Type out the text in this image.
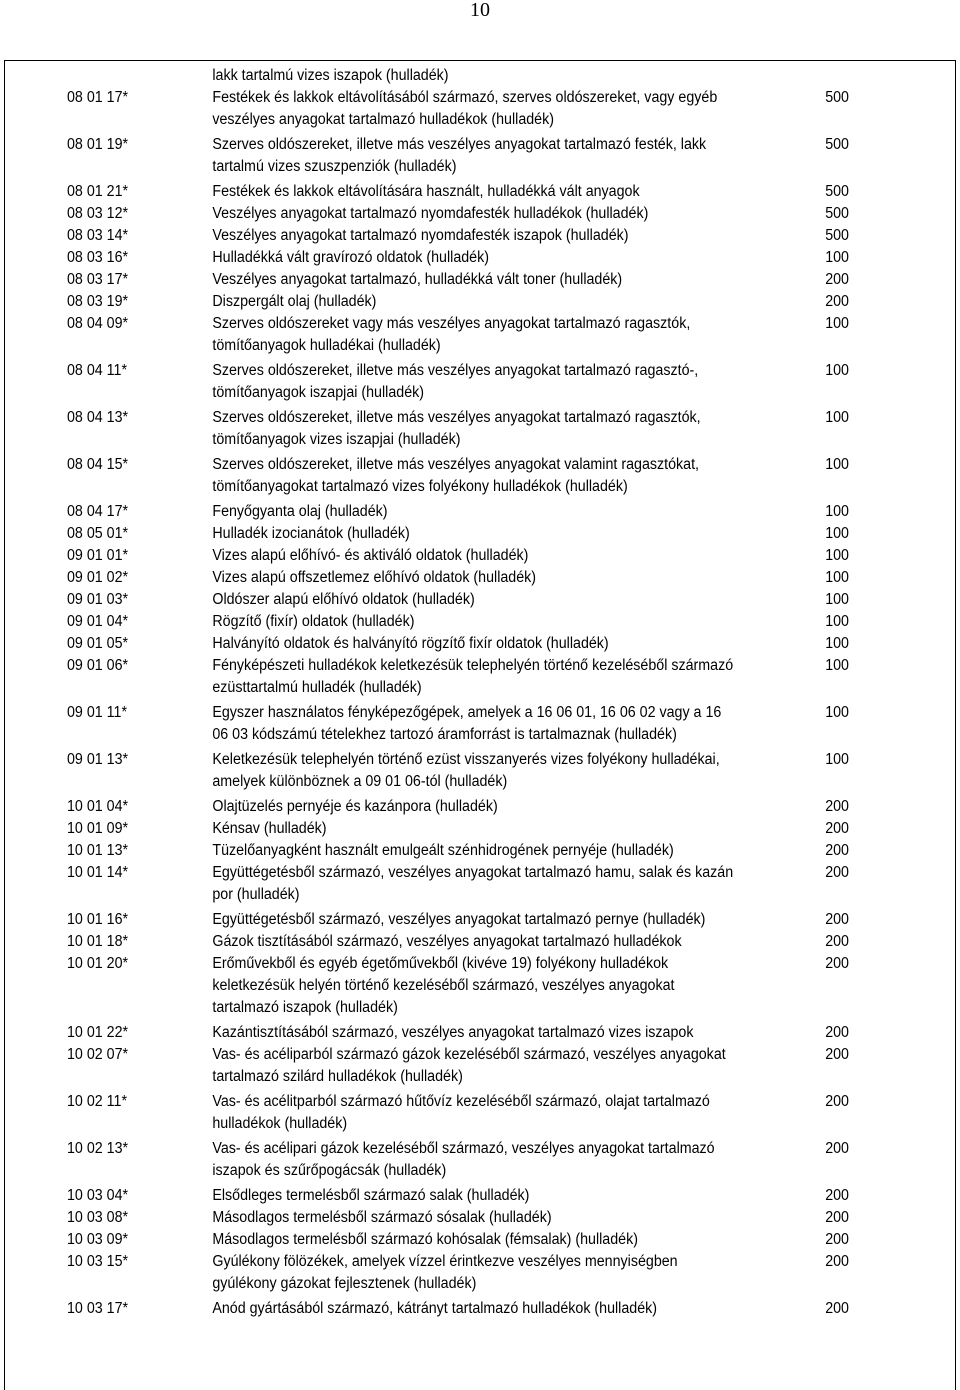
10

	lakk tartalmú vizes iszapok (hulladék)	

08 01 17*	Festékek és lakkok eltávolításából származó, szerves oldószereket, vagy egyéb
veszélyes anyagokat tartalmazó hulladékok (hulladék)	500
08 01 19*	Szerves oldószereket, illetve más veszélyes anyagokat tartalmazó festék, lakk
tartalmú vizes szuszpenziók (hulladék)	500
08 01 21*	Festékek és lakkok eltávolítására használt, hulladékká vált anyagok	500
08 03 12*	Veszélyes anyagokat tartalmazó nyomdafesték hulladékok (hulladék)	500
08 03 14*	Veszélyes anyagokat tartalmazó nyomdafesték iszapok (hulladék)	500
08 03 16*	Hulladékká vált gravírozó oldatok (hulladék)	100
08 03 17*	Veszélyes anyagokat tartalmazó, hulladékká vált toner (hulladék)	200
08 03 19*	Diszpergált olaj (hulladék)	200
08 04 09*	Szerves oldószereket vagy más veszélyes anyagokat tartalmazó ragasztók,
tömítőanyagok hulladékai (hulladék)	100
08 04 11*	Szerves oldószereket, illetve más veszélyes anyagokat tartalmazó ragasztó-,
tömítőanyagok iszapjai (hulladék)	100
08 04 13*	Szerves oldószereket, illetve más veszélyes anyagokat tartalmazó ragasztók,
tömítőanyagok vizes iszapjai (hulladék)	100
08 04 15*	Szerves oldószereket, illetve más veszélyes anyagokat valamint ragasztókat,
tömítőanyagokat tartalmazó vizes folyékony hulladékok (hulladék)	100
08 04 17*	Fenyőgyanta olaj (hulladék)	100
08 05 01*	Hulladék izocianátok (hulladék)	100
09 01 01*	Vizes alapú előhívó- és aktiváló oldatok (hulladék)	100
09 01 02*	Vizes alapú offszetlemez előhívó oldatok (hulladék)	100
09 01 03*	Oldószer alapú előhívó oldatok (hulladék)	100
09 01 04*	Rögzítő (fixír) oldatok (hulladék)	100
09 01 05*	Halványító oldatok és halványító rögzítő fixír oldatok (hulladék)	100
09 01 06*	Fényképészeti hulladékok keletkezésük telephelyén történő kezeléséből származó
ezüsttartalmú hulladék (hulladék)	100
09 01 11*	Egyszer használatos fényképezőgépek, amelyek a 16 06 01, 16 06 02 vagy a 16
06 03 kódszámú tételekhez tartozó áramforrást is tartalmaznak (hulladék)	100
09 01 13*	Keletkezésük telephelyén történő ezüst visszanyerés vizes folyékony hulladékai,
amelyek különböznek a 09 01 06-tól (hulladék)	100
10 01 04*	Olajtüzelés pernyéje és kazánpora (hulladék)	200
10 01 09*	Kénsav (hulladék)	200
10 01 13*	Tüzelőanyagként használt emulgeált szénhidrogének pernyéje (hulladék)	200
10 01 14*	Együttégetésből származó, veszélyes anyagokat tartalmazó hamu, salak és kazán
por (hulladék)	200
10 01 16*	Együttégetésből származó, veszélyes anyagokat tartalmazó pernye (hulladék)	200
10 01 18*	Gázok tisztításából származó, veszélyes anyagokat tartalmazó hulladékok	200
10 01 20*	Erőművekből és egyéb égetőművekből (kivéve 19) folyékony hulladékok
keletkezésük helyén történő kezeléséből származó, veszélyes anyagokat
tartalmazó iszapok (hulladék)	200
10 01 22*	Kazántisztításából származó, veszélyes anyagokat tartalmazó vizes iszapok	200
10 02 07*	Vas- és acéliparból származó gázok kezeléséből származó, veszélyes anyagokat
tartalmazó szilárd hulladékok (hulladék)	200
10 02 11*	Vas- és acélitparból származó hűtővíz kezeléséből származó, olajat tartalmazó
hulladékok (hulladék)	200
10 02 13*	Vas- és acélipari gázok kezeléséből származó, veszélyes anyagokat tartalmazó
iszapok és szűrőpogácsák (hulladék)	200
10 03 04*	Elsődleges termelésből származó salak (hulladék)	200
10 03 08*	Másodlagos termelésből származó sósalak (hulladék)	200
10 03 09*	Másodlagos termelésből származó kohósalak (fémsalak) (hulladék)	200
10 03 15*	Gyúlékony fölözékek, amelyek vízzel érintkezve veszélyes mennyiségben
gyúlékony gázokat fejlesztenek (hulladék)	200
10 03 17*	Anód gyártásából származó, kátrányt tartalmazó hulladékok (hulladék)	200
